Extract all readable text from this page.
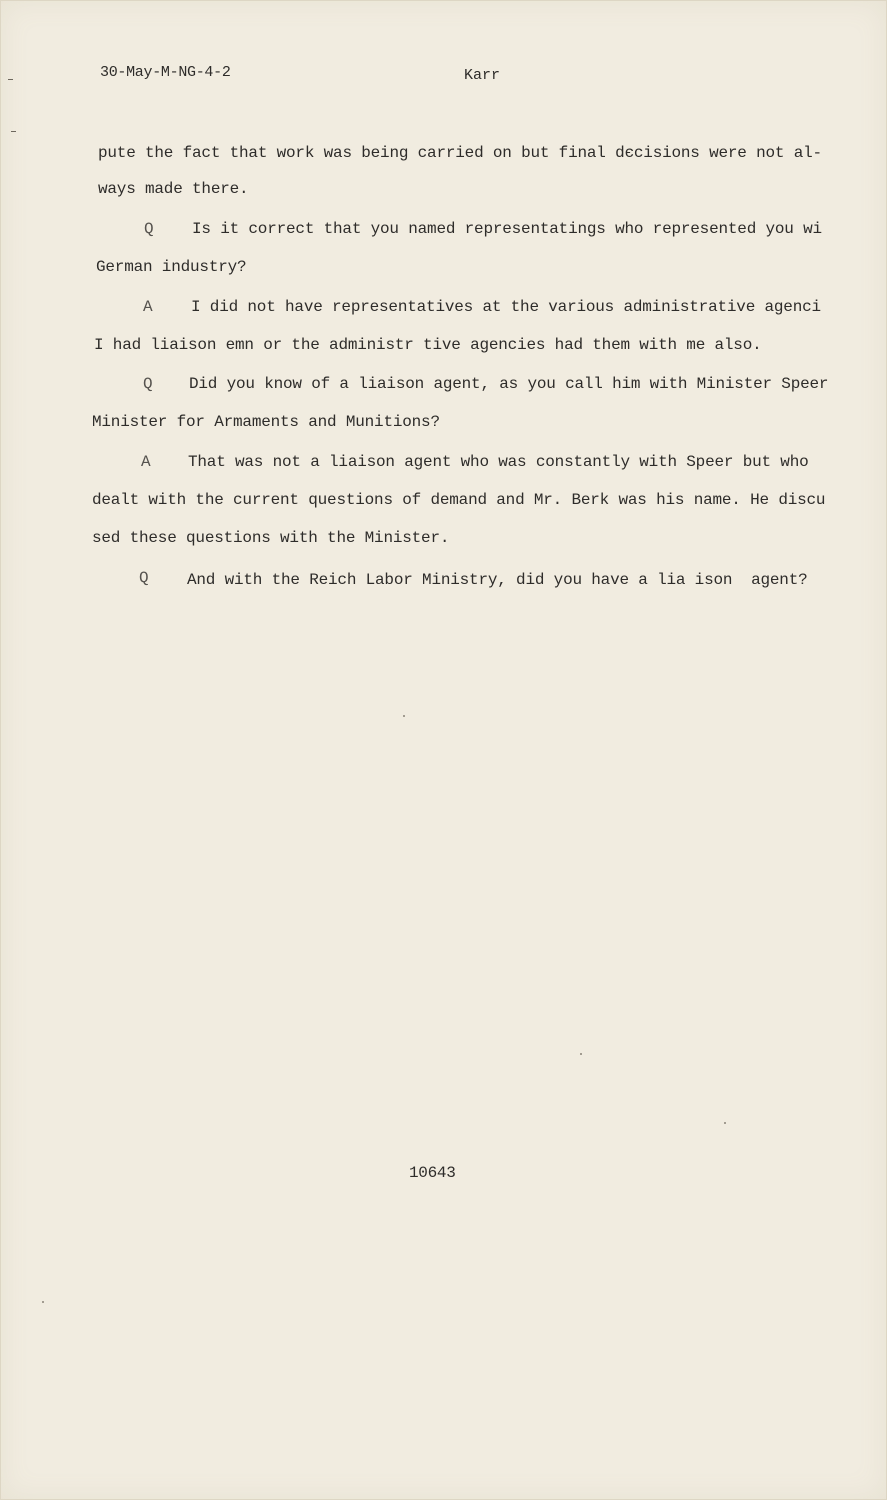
30-May-M-NG-4-2	Karr
pute the fact that work was being carried on but final dєcisions were not al-
ways made there.
Q Is it correct that you named representatings who represented you wi
German industry?
A I did not have representatives at the various administrative agenci
I had liaison emn or the administr tive agencies had them with me also.
Q Did you know of a liaison agent, as you call him with Minister Speer
Minister for Armaments and Munitions?
A That was not a liaison agent who was constantly with Speer but who
dealt with the current questions of demand and Mr. Berk was his name. He discu
sed these questions with the Minister.
Q And with the Reich Labor Ministry, did you have a lia ison  agent?
10643
